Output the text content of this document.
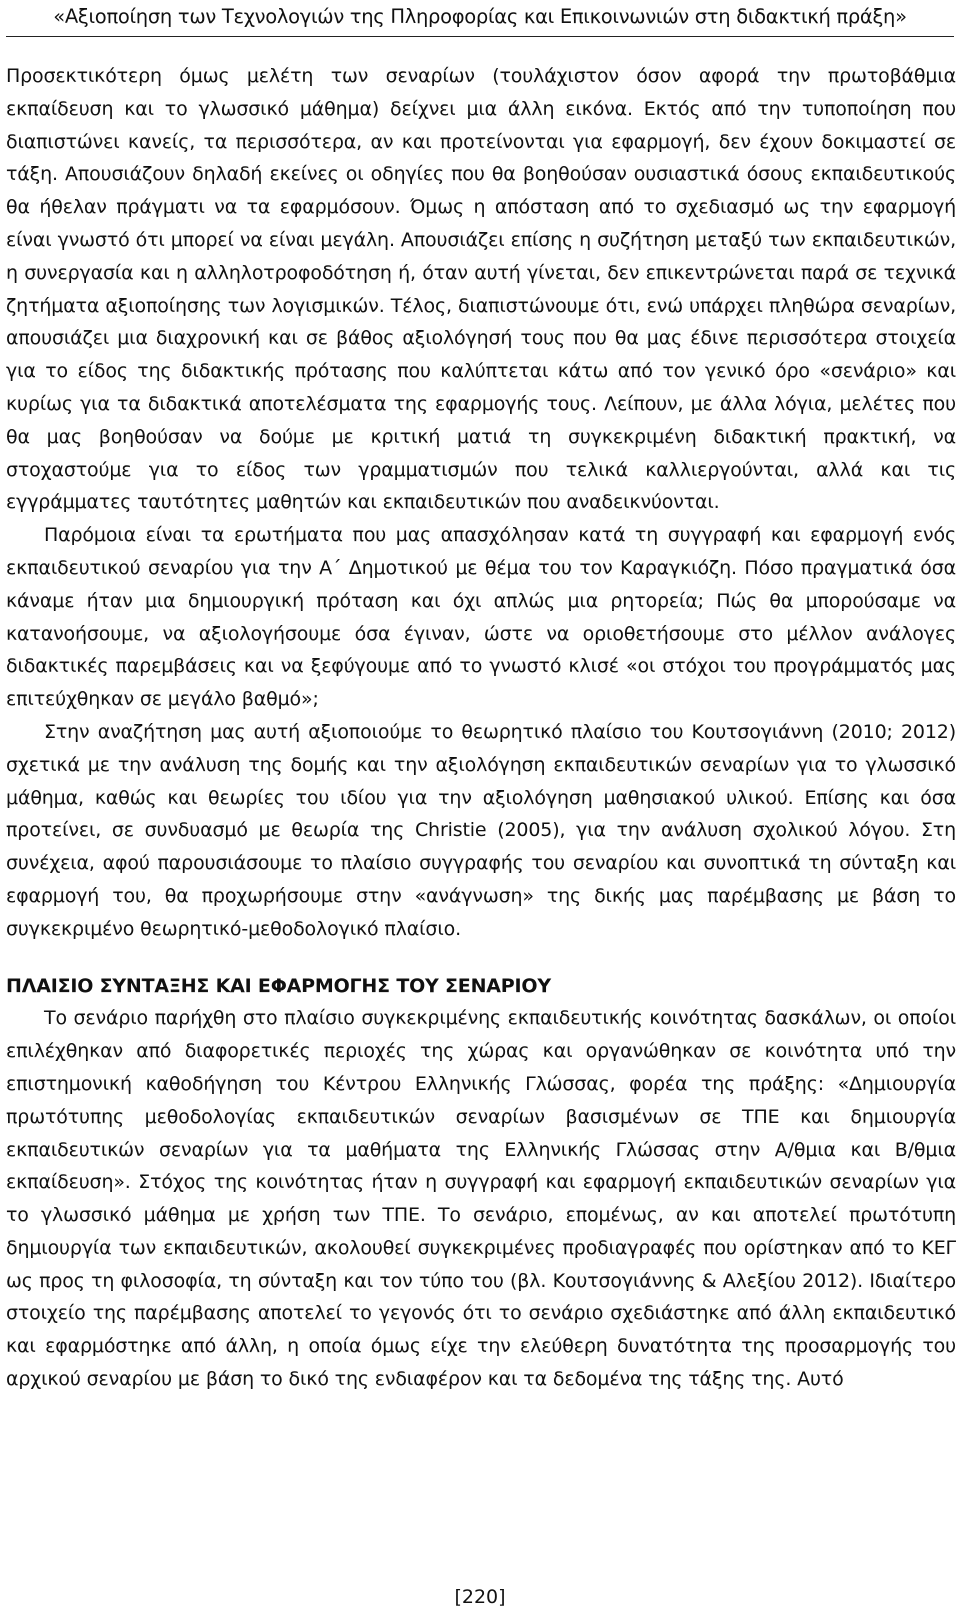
«Αξιοποίηση των Τεχνολογιών της Πληροφορίας και Επικοινωνιών στη διδακτική πράξη»

Προσεκτικότερη όμως μελέτη των σεναρίων (τουλάχιστον όσον αφορά την πρωτοβάθμια εκπαίδευση και το γλωσσικό μάθημα) δείχνει μια άλλη εικόνα. Εκτός από την τυποποίηση που διαπιστώνει κανείς, τα περισσότερα, αν και προτείνονται για εφαρμογή, δεν έχουν δοκιμαστεί σε τάξη. Απουσιάζουν δηλαδή εκείνες οι οδηγίες που θα βοηθούσαν ουσιαστικά όσους εκπαιδευτικούς θα ήθελαν πράγματι να τα εφαρμόσουν. Όμως η απόσταση από το σχεδιασμό ως την εφαρμογή είναι γνωστό ότι μπορεί να είναι μεγάλη. Απουσιάζει επίσης η συζήτηση μεταξύ των εκπαιδευτικών, η συνεργασία και η αλληλοτροφοδότηση ή, όταν αυτή γίνεται, δεν επικεντρώνεται παρά σε τεχνικά ζητήματα αξιοποίησης των λογισμικών. Τέλος, διαπιστώνουμε ότι, ενώ υπάρχει πληθώρα σεναρίων, απουσιάζει μια διαχρονική και σε βάθος αξιολόγησή τους που θα μας έδινε περισσότερα στοιχεία για το είδος της διδακτικής πρότασης που καλύπτεται κάτω από τον γενικό όρο «σενάριο» και κυρίως για τα διδακτικά αποτελέσματα της εφαρμογής τους. Λείπουν, με άλλα λόγια, μελέτες που θα μας βοηθούσαν να δούμε με κριτική ματιά τη συγκεκριμένη διδακτική πρακτική, να στοχαστούμε για το είδος των γραμματισμών που τελικά καλλιεργούνται, αλλά και τις εγγράμματες ταυτότητες μαθητών και εκπαιδευτικών που αναδεικνύονται.

Παρόμοια είναι τα ερωτήματα που μας απασχόλησαν κατά τη συγγραφή και εφαρμογή ενός εκπαιδευτικού σεναρίου για την Α΄ Δημοτικού με θέμα του τον Καραγκιόζη. Πόσο πραγματικά όσα κάναμε ήταν μια δημιουργική πρόταση και όχι απλώς μια ρητορεία; Πώς θα μπορούσαμε να κατανοήσουμε, να αξιολογήσουμε όσα έγιναν, ώστε να οριοθετήσουμε στο μέλλον ανάλογες διδακτικές παρεμβάσεις και να ξεφύγουμε από το γνωστό κλισέ «οι στόχοι του προγράμματός μας επιτεύχθηκαν σε μεγάλο βαθμό»;

Στην αναζήτηση μας αυτή αξιοποιούμε το θεωρητικό πλαίσιο του Κουτσογιάννη (2010; 2012) σχετικά με την ανάλυση της δομής και την αξιολόγηση εκπαιδευτικών σεναρίων για το γλωσσικό μάθημα, καθώς και θεωρίες του ιδίου για την αξιολόγηση μαθησιακού υλικού. Επίσης και όσα προτείνει, σε συνδυασμό με θεωρία της Christie (2005), για την ανάλυση σχολικού λόγου. Στη συνέχεια, αφού παρουσιάσουμε το πλαίσιο συγγραφής του σεναρίου και συνοπτικά τη σύνταξη και εφαρμογή του, θα προχωρήσουμε στην «ανάγνωση» της δικής μας παρέμβασης με βάση το συγκεκριμένο θεωρητικό-μεθοδολογικό πλαίσιο.

ΠΛΑΙΣΙΟ ΣΥΝΤΑΞΗΣ ΚΑΙ ΕΦΑΡΜΟΓΗΣ ΤΟΥ ΣΕΝΑΡΙΟΥ

Το σενάριο παρήχθη στο πλαίσιο συγκεκριμένης εκπαιδευτικής κοινότητας δασκάλων, οι οποίοι επιλέχθηκαν από διαφορετικές περιοχές της χώρας και οργανώθηκαν σε κοινότητα υπό την επιστημονική καθοδήγηση του Κέντρου Ελληνικής Γλώσσας, φορέα της πράξης: «Δημιουργία πρωτότυπης μεθοδολογίας εκπαιδευτικών σεναρίων βασισμένων σε ΤΠΕ και δημιουργία εκπαιδευτικών σεναρίων για τα μαθήματα της Ελληνικής Γλώσσας στην Α/θμια και Β/θμια εκπαίδευση». Στόχος της κοινότητας ήταν η συγγραφή και εφαρμογή εκπαιδευτικών σεναρίων για το γλωσσικό μάθημα με χρήση των ΤΠΕ. Το σενάριο, επομένως, αν και αποτελεί πρωτότυπη δημιουργία των εκπαιδευτικών, ακολουθεί συγκεκριμένες προδιαγραφές που ορίστηκαν από το ΚΕΓ ως προς τη φιλοσοφία, τη σύνταξη και τον τύπο του (βλ. Κουτσογιάννης & Αλεξίου 2012). Ιδιαίτερο στοιχείο της παρέμβασης αποτελεί το γεγονός ότι το σενάριο σχεδιάστηκε από άλλη εκπαιδευτικό και εφαρμόστηκε από άλλη, η οποία όμως είχε την ελεύθερη δυνατότητα της προσαρμογής του αρχικού σεναρίου με βάση το δικό της ενδιαφέρον και τα δεδομένα της τάξης της. Αυτό

[220]
